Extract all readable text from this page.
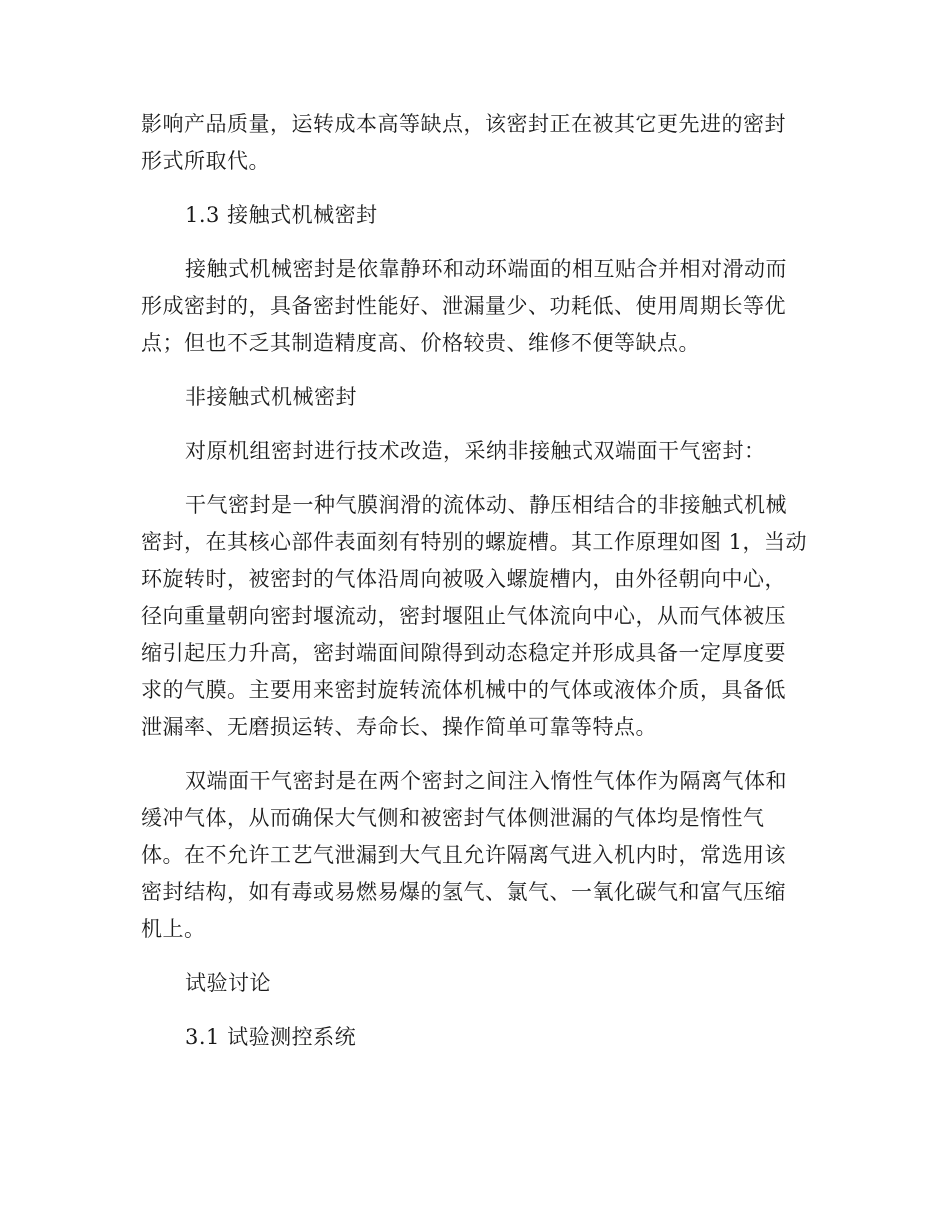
影响产品质量，运转成本高等缺点，该密封正在被其它更先进的密封
形式所取代。
1.3 接触式机械密封
接触式机械密封是依靠静环和动环端面的相互贴合并相对滑动而
形成密封的，具备密封性能好、泄漏量少、功耗低、使用周期长等优
点；但也不乏其制造精度高、价格较贵、维修不便等缺点。
非接触式机械密封
对原机组密封进行技术改造，采纳非接触式双端面干气密封：
干气密封是一种气膜润滑的流体动、静压相结合的非接触式机械
密封，在其核心部件表面刻有特别的螺旋槽。其工作原理如图 1，当动
环旋转时，被密封的气体沿周向被吸入螺旋槽内，由外径朝向中心，
径向重量朝向密封堰流动，密封堰阻止气体流向中心，从而气体被压
缩引起压力升高，密封端面间隙得到动态稳定并形成具备一定厚度要
求的气膜。主要用来密封旋转流体机械中的气体或液体介质，具备低
泄漏率、无磨损运转、寿命长、操作简单可靠等特点。
双端面干气密封是在两个密封之间注入惰性气体作为隔离气体和
缓冲气体，从而确保大气侧和被密封气体侧泄漏的气体均是惰性气
体。在不允许工艺气泄漏到大气且允许隔离气进入机内时，常选用该
密封结构，如有毒或易燃易爆的氢气、氯气、一氧化碳气和富气压缩
机上。
试验讨论
3.1 试验测控系统
